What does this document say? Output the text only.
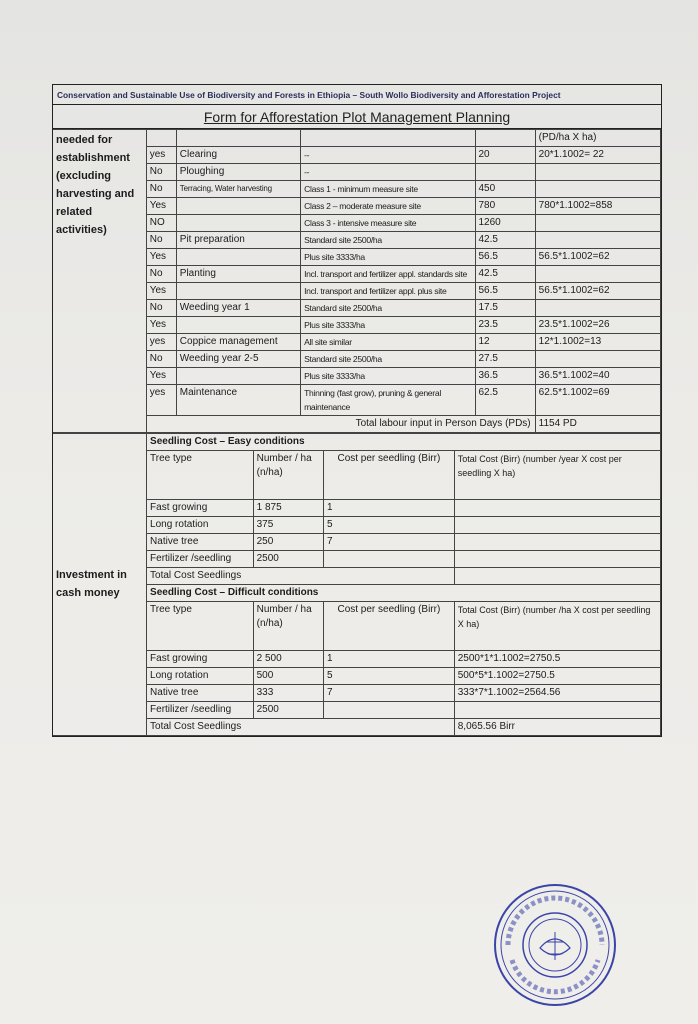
Conservation and Sustainable Use of Biodiversity and Forests in Ethiopia – South Wollo Biodiversity and Afforestation Project
Form for Afforestation Plot Management Planning
needed for establishment (excluding harvesting and related activities)					(PD/ha X ha)
	yes	Clearing	--	20	20*1.1002= 22
	No	Ploughing	--		
	No	Terracing, Water harvesting	Class 1 - minimum measure site	450	
	Yes		Class 2 – moderate measure site	780	780*1.1002=858
	NO		Class 3 - intensive measure site	1260	
	No	Pit preparation	Standard site 2500/ha	42.5	
	Yes		Plus site 3333/ha	56.5	56.5*1.1002=62
	No	Planting	Incl. transport and fertilizer appl. standards site	42.5	
	Yes		Incl. transport and fertilizer appl. plus site	56.5	56.5*1.1002=62
	No	Weeding year 1	Standard site 2500/ha	17.5	
	Yes		Plus site 3333/ha	23.5	23.5*1.1002=26
	yes	Coppice management	All site similar	12	12*1.1002=13
	No	Weeding year 2-5	Standard site 2500/ha	27.5	
	Yes		Plus site 3333/ha	36.5	36.5*1.1002=40
	yes	Maintenance	Thinning (fast grow), pruning & general maintenance	62.5	62.5*1.1002=69
	Total labour input in Person Days (PDs)				1154 PD
Investment in cash money	Seedling Cost – Easy conditions			
	Tree type	Number / ha (n/ha)	Cost per seedling (Birr)	Total Cost (Birr) (number /year X cost per seedling X ha)
	Fast growing	1 875	1	
	Long rotation	375	5	
	Native tree	250	7	
	Fertilizer /seedling	2500		
	Total Cost Seedlings			
	Seedling Cost – Difficult conditions			
	Tree type	Number / ha (n/ha)	Cost per seedling (Birr)	Total Cost (Birr) (number /ha X cost per seedling X ha)
	Fast growing	2 500	1	2500*1*1.1002=2750.5
	Long rotation	500	5	500*5*1.1002=2750.5
	Native tree	333	7	333*7*1.1002=2564.56
	Fertilizer /seedling	2500		
	Total Cost Seedlings			8,065.56 Birr
